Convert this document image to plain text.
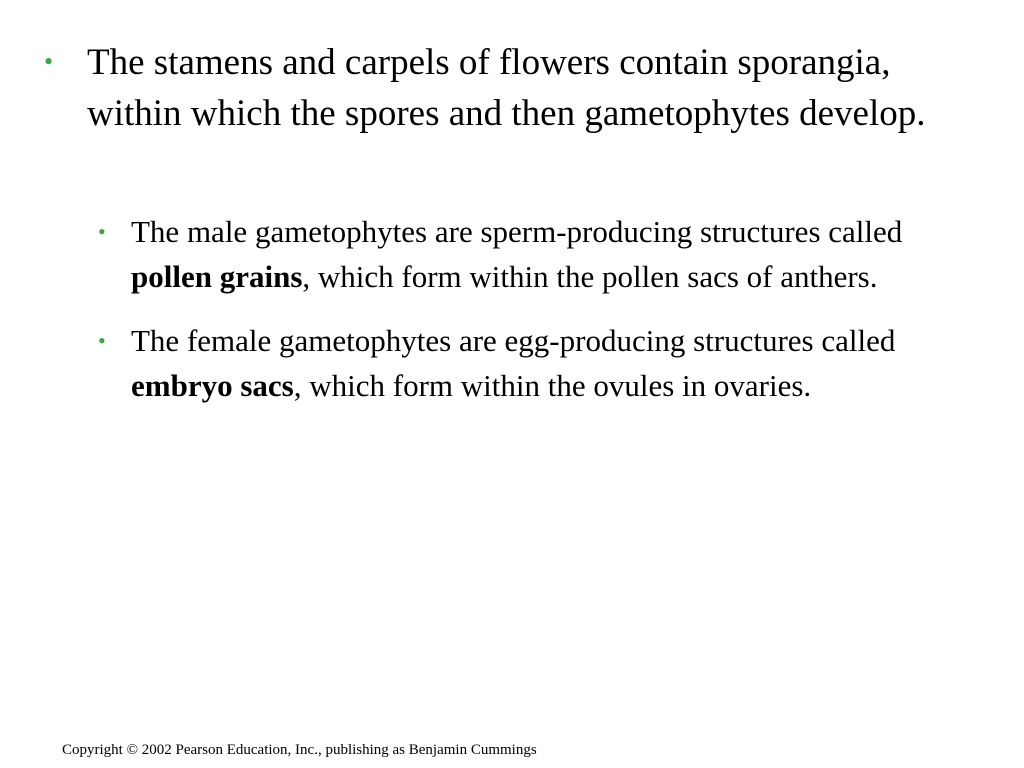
• The stamens and carpels of flowers contain sporangia, within which the spores and then gametophytes develop.
• The male gametophytes are sperm-producing structures called pollen grains, which form within the pollen sacs of anthers.
• The female gametophytes are egg-producing structures called embryo sacs, which form within the ovules in ovaries.
Copyright © 2002 Pearson Education, Inc., publishing as Benjamin Cummings
